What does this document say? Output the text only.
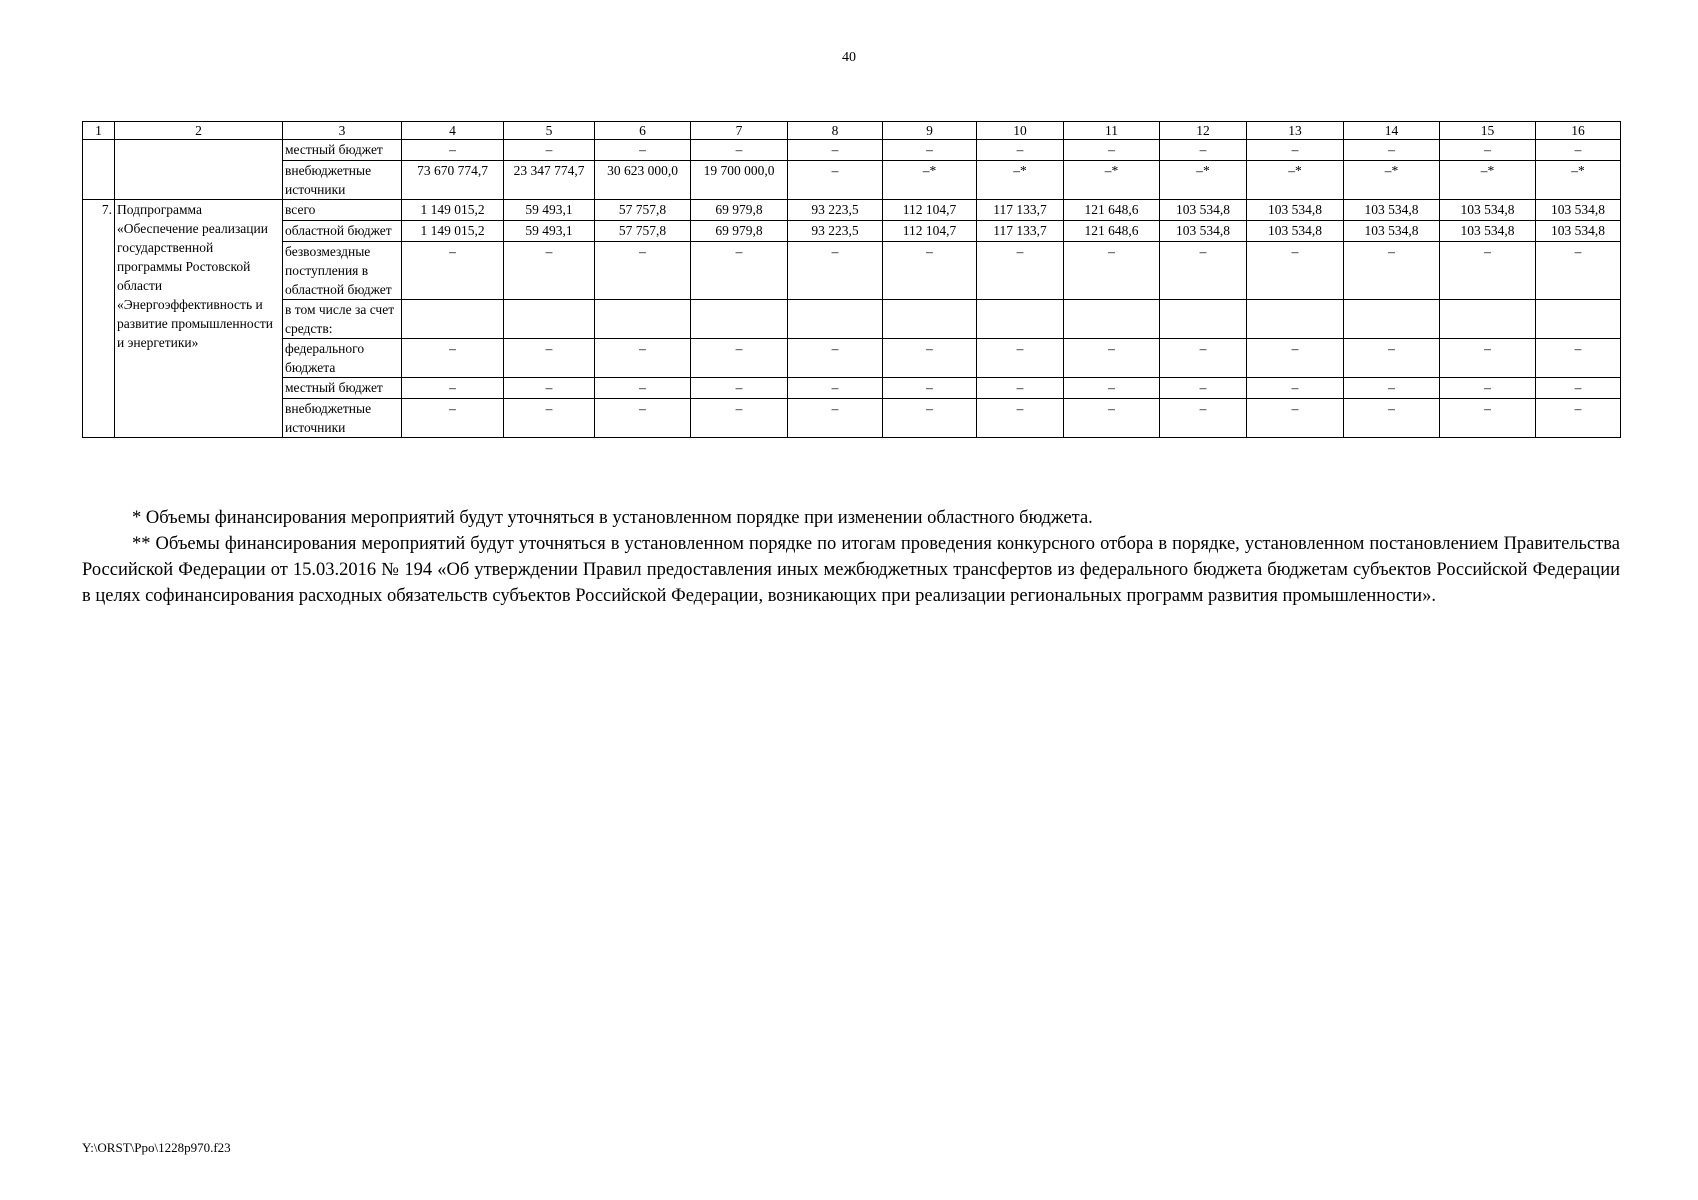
40
1	2	3	4	5	6	7	8	9	10	11	12	13	14	15	16
		местный бюджет	–	–	–	–	–	–	–	–	–	–	–	–	–
		внебюджетные источники	73 670 774,7	23 347 774,7	30 623 000,0	19 700 000,0	–	–*	–*	–*	–*	–*	–*	–*	–*
7.	Подпрограмма «Обеспечение реализации государственной программы Ростовской области «Энергоэффективность и развитие промышленности и энергетики»	всего	1 149 015,2	59 493,1	57 757,8	69 979,8	93 223,5	112 104,7	117 133,7	121 648,6	103 534,8	103 534,8	103 534,8	103 534,8	103 534,8
		областной бюджет	1 149 015,2	59 493,1	57 757,8	69 979,8	93 223,5	112 104,7	117 133,7	121 648,6	103 534,8	103 534,8	103 534,8	103 534,8	103 534,8
		безвозмездные поступления в областной бюджет	–	–	–	–	–	–	–	–	–	–	–	–	–
		в том числе за счет средств:													
		федерального бюджета	–	–	–	–	–	–	–	–	–	–	–	–	–
		местный бюджет	–	–	–	–	–	–	–	–	–	–	–	–	–
		внебюджетные источники	–	–	–	–	–	–	–	–	–	–	–	–	–

* Объемы финансирования мероприятий будут уточняться в установленном порядке при изменении областного бюджета.

** Объемы финансирования мероприятий будут уточняться в установленном порядке по итогам проведения конкурсного отбора в порядке, установленном постановлением Правительства Российской Федерации от 15.03.2016 № 194 «Об утверждении Правил предоставления иных межбюджетных трансфертов из федерального бюджета бюджетам субъектов Российской Федерации в целях софинансирования расходных обязательств субъектов Российской Федерации, возникающих при реализации региональных программ развития промышленности».

Y:\ORST\Ppo\1228p970.f23
